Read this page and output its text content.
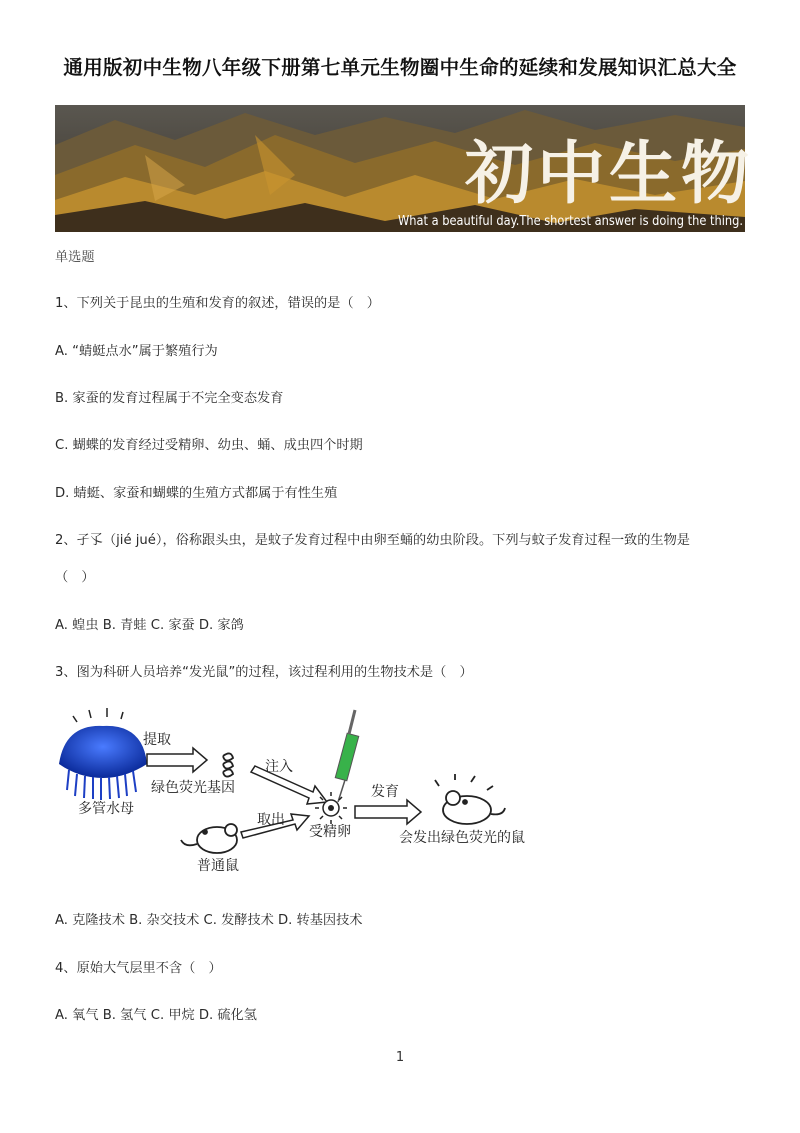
通用版初中生物八年级下册第七单元生物圈中生命的延续和发展知识汇总大全
初中生物
What a beautiful day.The shortest answer is doing the thing.
单选题
1、下列关于昆虫的生殖和发育的叙述，错误的是（　）
A. “蜻蜓点水”属于繁殖行为
B. 家蚕的发育过程属于不完全变态发育
C. 蝴蝶的发育经过受精卵、幼虫、蛹、成虫四个时期
D. 蜻蜓、家蚕和蝴蝶的生殖方式都属于有性生殖
2、孑孓（jié jué），俗称跟头虫，是蚊子发育过程中由卵至蛹的幼虫阶段。下列与蚊子发育过程一致的生物是
（　）
A. 蝗虫 B. 青蛙 C. 家蚕 D. 家鸽
3、图为科研人员培养“发光鼠”的过程，该过程利用的生物技术是（　）
多管水母
提取
绿色荧光基因
注入
受精卵
取出
普通鼠
发育
会发出绿色荧光的鼠
A. 克隆技术 B. 杂交技术 C. 发酵技术 D. 转基因技术
4、原始大气层里不含（　）
A. 氧气 B. 氢气 C. 甲烷 D. 硫化氢
1
